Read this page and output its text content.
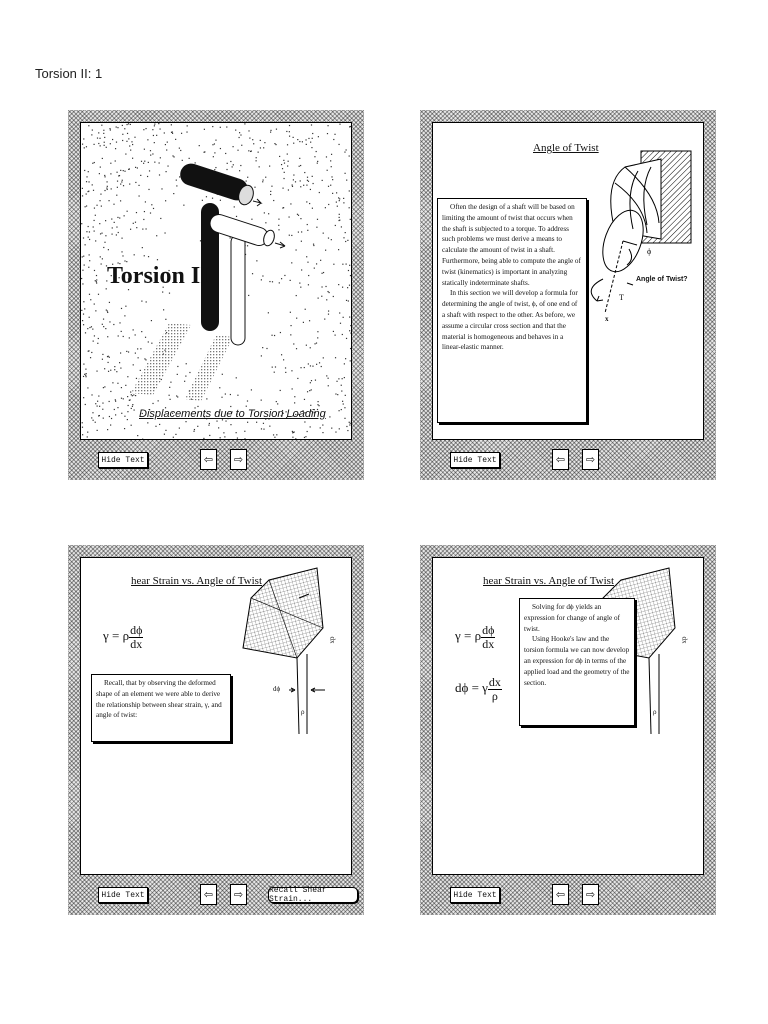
Torsion II: 1
Torsion II
Displacements due to Torsion Loading
Hide Text	⇦ ⇨
Angle of Twist

Often the design of a shaft will be based on limiting the amount of twist that occurs when the shaft is subjected to a torque. To address such problems we must derive a means to calculate the amount of twist in a shaft. Furthermore, being able to compute the angle of twist (kinematics) is important in analyzing statically indeterminate shafts.

In this section we will develop a formula for determining the angle of twist, ϕ, of one end of a shaft with respect to the other. As before, we assume a circular cross section and that the material is homogeneous and behaves in a linear-elastic manner.

ϕ
Angle of Twist?
T
x
Hide Text	⇦ ⇨
hear Strain vs. Angle of Twist
γ = ρ $\frac{d\phi}{dx}$

Recall, that by observing the deformed shape of an element we were able to derive the relationship between shear strain, γ, and angle of twist:

dϕ
dx
ρ
Hide Text	⇦ ⇨	Recall Shear Strain...
hear Strain vs. Angle of Twist
γ = ρ $\frac{d\phi}{dx}$
dϕ = γ $\frac{dx}{\rho}$

Solving for dϕ yields an expression for change of angle of twist.

Using Hooke's law and the torsion formula we can now develop an expression for dϕ in terms of the applied load and the geometry of the section.

dx
ρ
Hide Text	⇦ ⇨
